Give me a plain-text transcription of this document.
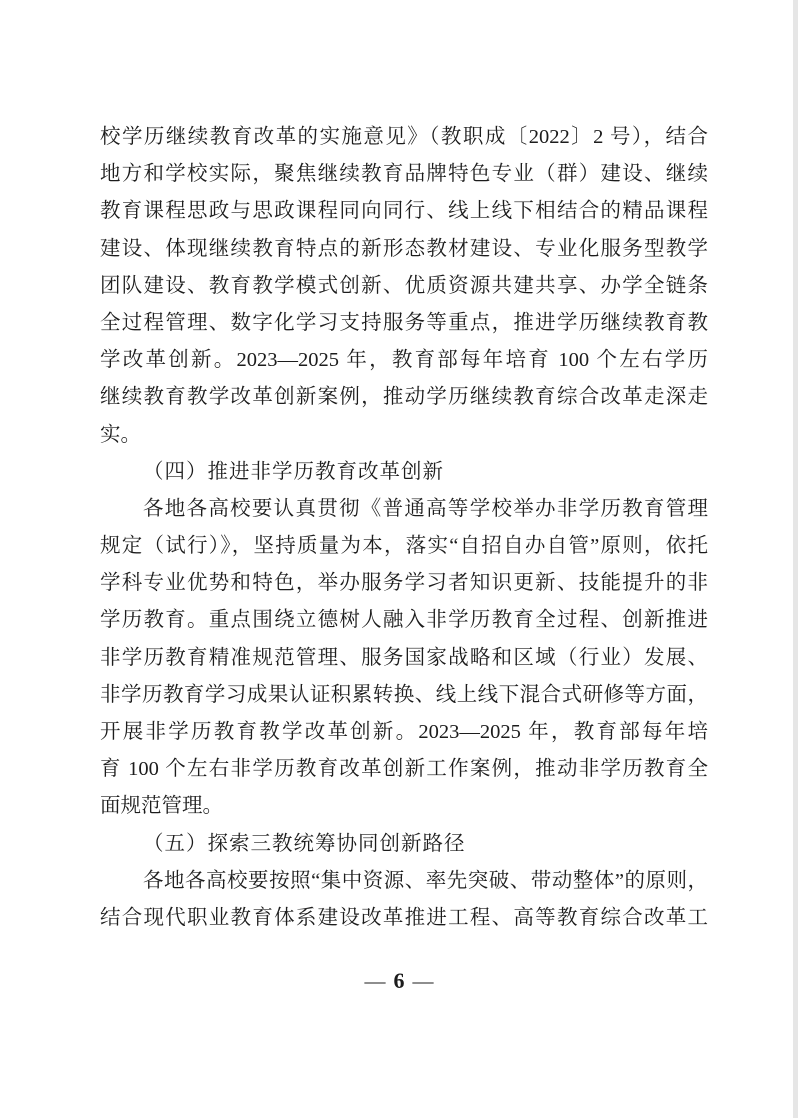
校学历继续教育改革的实施意见》（教职成〔2022〕2 号），结合
地方和学校实际，聚焦继续教育品牌特色专业（群）建设、继续
教育课程思政与思政课程同向同行、线上线下相结合的精品课程
建设、体现继续教育特点的新形态教材建设、专业化服务型教学
团队建设、教育教学模式创新、优质资源共建共享、办学全链条
全过程管理、数字化学习支持服务等重点，推进学历继续教育教
学改革创新。2023—2025 年，教育部每年培育 100 个左右学历
继续教育教学改革创新案例，推动学历继续教育综合改革走深走
实。
（四）推进非学历教育改革创新
各地各高校要认真贯彻《普通高等学校举办非学历教育管理
规定（试行）》，坚持质量为本，落实“自招自办自管”原则，依托
学科专业优势和特色，举办服务学习者知识更新、技能提升的非
学历教育。重点围绕立德树人融入非学历教育全过程、创新推进
非学历教育精准规范管理、服务国家战略和区域（行业）发展、
非学历教育学习成果认证积累转换、线上线下混合式研修等方面，
开展非学历教育教学改革创新。2023—2025 年，教育部每年培
育 100 个左右非学历教育改革创新工作案例，推动非学历教育全
面规范管理。
（五）探索三教统筹协同创新路径
各地各高校要按照“集中资源、率先突破、带动整体”的原则，
结合现代职业教育体系建设改革推进工程、高等教育综合改革工
— 6 —
